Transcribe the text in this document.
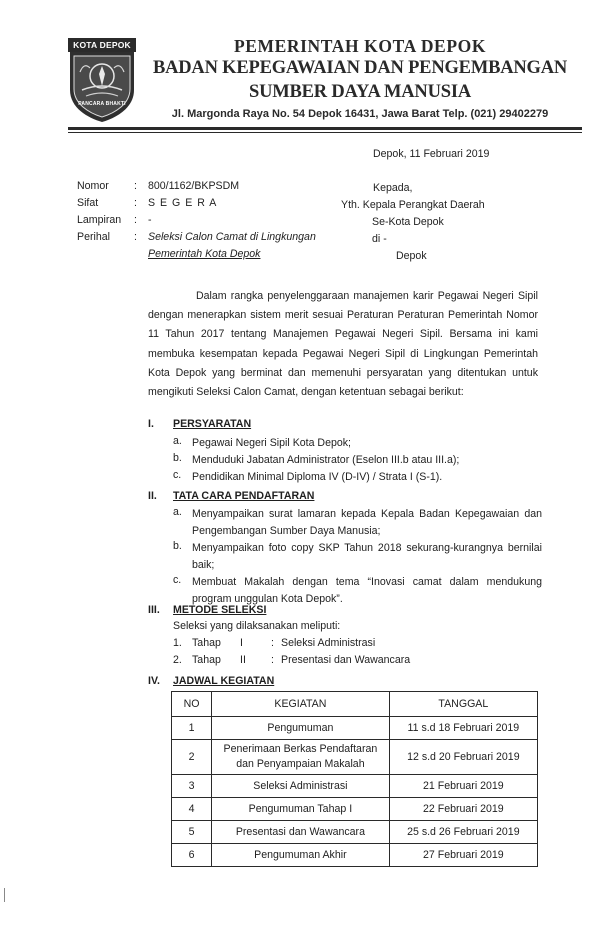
KOTA DEPOK
PANCARA BHAKTI
PEMERINTAH KOTA DEPOK
BADAN KEPEGAWAIAN DAN PENGEMBANGAN
SUMBER DAYA MANUSIA
Jl. Margonda Raya No. 54 Depok 16431, Jawa Barat Telp. (021) 29402279
Depok, 11 Februari 2019
Nomor : 800/1162/BKPSDM
Sifat	: S E G E R A
Lampiran : -
Perihal : Seleksi Calon Camat di Lingkungan
Pemerintah Kota Depok
Kepada,
Yth. Kepala Perangkat Daerah
Se-Kota Depok
di -
Depok
Dalam rangka penyelenggaraan manajemen karir Pegawai Negeri Sipil dengan menerapkan sistem merit sesuai Peraturan Peraturan Pemerintah Nomor 11 Tahun 2017 tentang Manajemen Pegawai Negeri Sipil. Bersama ini kami membuka kesempatan kepada Pegawai Negeri Sipil di Lingkungan Pemerintah Kota Depok yang berminat dan memenuhi persyaratan yang ditentukan untuk mengikuti Seleksi Calon Camat, dengan ketentuan sebagai berikut:
I. PERSYARATAN
a. Pegawai Negeri Sipil Kota Depok;
b. Menduduki Jabatan Administrator (Eselon III.b atau III.a);
c. Pendidikan Minimal Diploma IV (D-IV) / Strata I (S-1).
II. TATA CARA PENDAFTARAN
a. Menyampaikan surat lamaran kepada Kepala Badan Kepegawaian dan Pengembangan Sumber Daya Manusia;
b. Menyampaikan foto copy SKP Tahun 2018 sekurang-kurangnya bernilai baik;
c. Membuat Makalah dengan tema “Inovasi camat dalam mendukung program unggulan Kota Depok”.
III. METODE SELEKSI
Seleksi yang dilaksanakan meliputi:
1. Tahap I	: Seleksi Administrasi
2. Tahap II : Presentasi dan Wawancara
IV. JADWAL KEGIATAN
NO	KEGIATAN	TANGGAL
1	Pengumuman	11 s.d 18 Februari 2019
2	Penerimaan Berkas Pendaftaran dan Penyampaian Makalah	12 s.d 20 Februari 2019
3	Seleksi Administrasi	21 Februari 2019
4	Pengumuman Tahap I	22 Februari 2019
5	Presentasi dan Wawancara	25 s.d 26 Februari 2019
6	Pengumuman Akhir	27 Februari 2019
